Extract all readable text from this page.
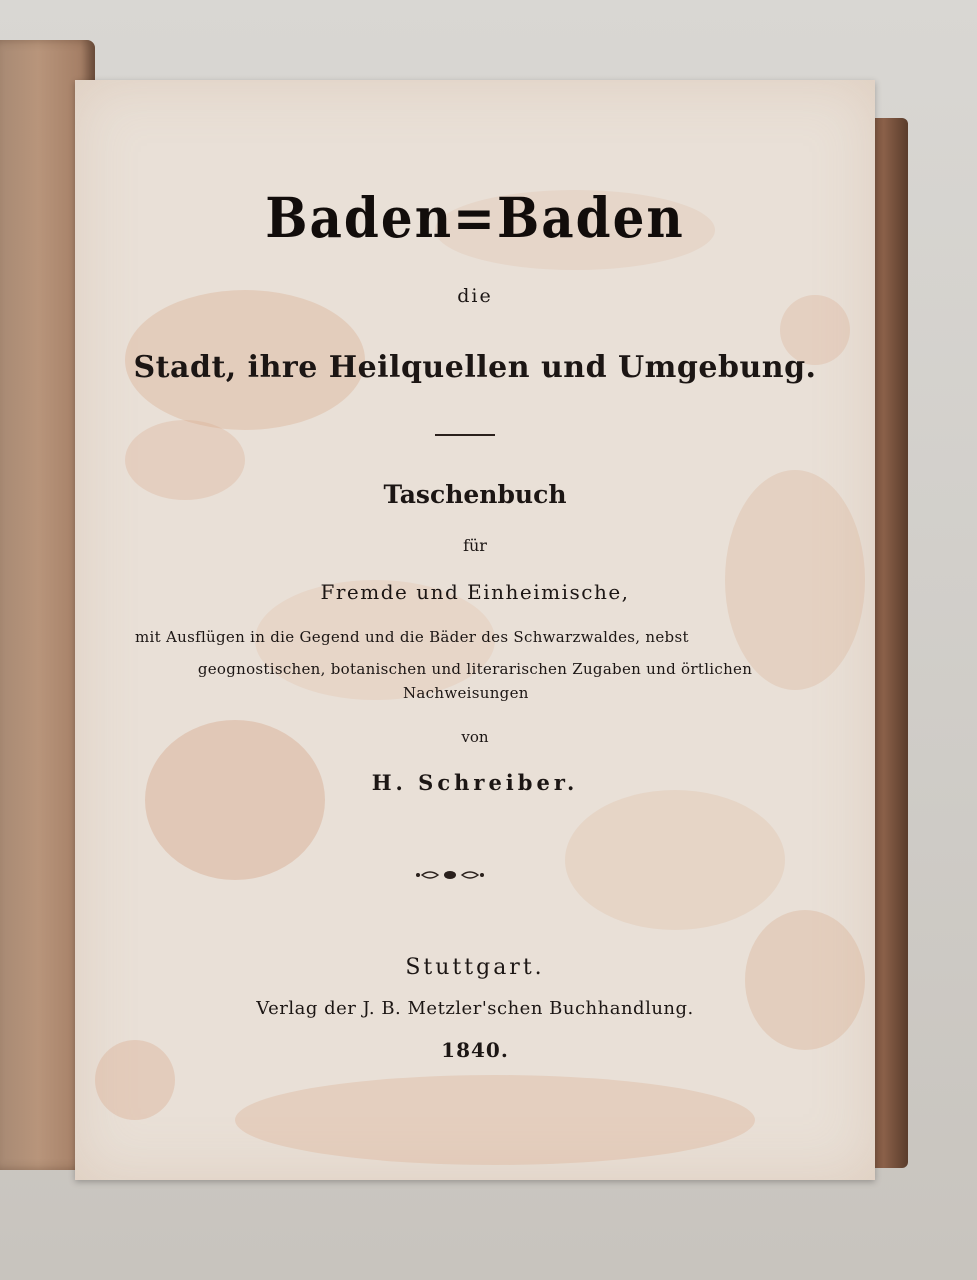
Baden=Baden
die
Stadt, ihre Heilquellen und Umgebung.
Taschenbuch
für
Fremde und Einheimische,
mit Ausflügen in die Gegend und die Bäder des Schwarzwaldes, nebst
geognostischen, botanischen und literarischen Zugaben und örtlichen
Nachweisungen
von
H. Schreiber.
Stuttgart.
Verlag der J. B. Metzler'schen Buchhandlung.
1840.
